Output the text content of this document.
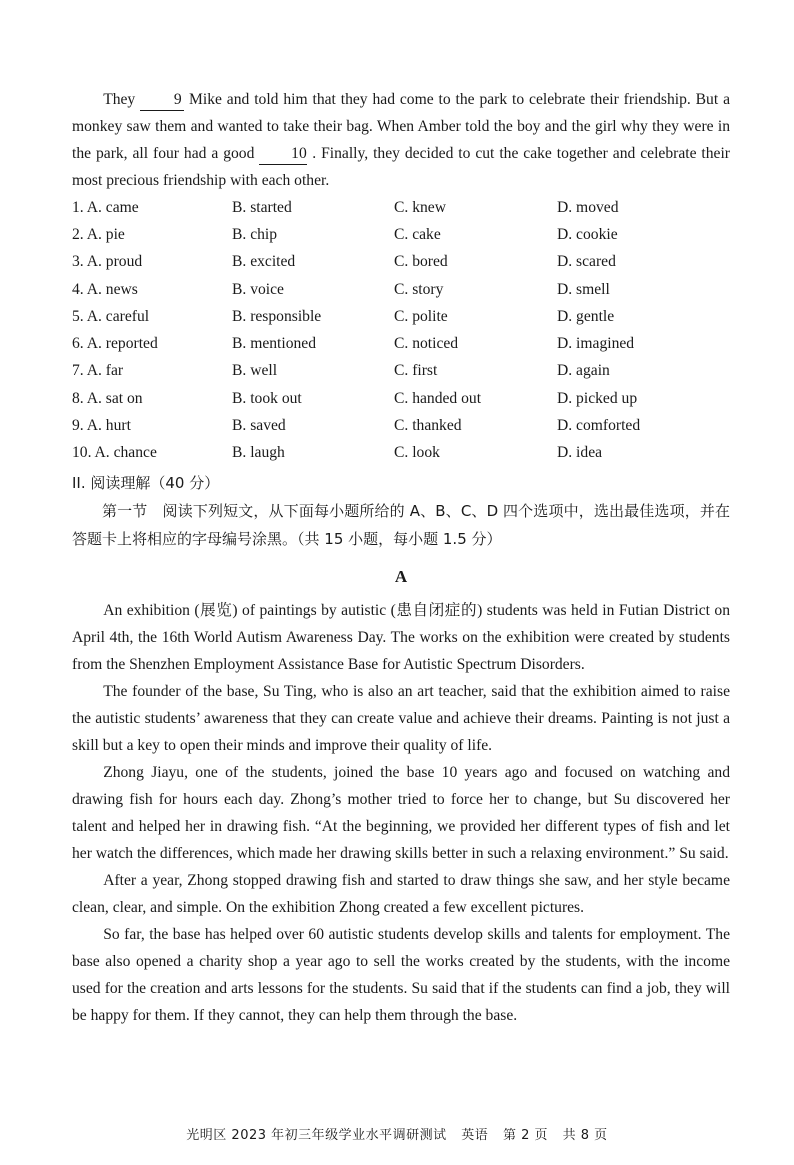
They 9 Mike and told him that they had come to the park to celebrate their friendship. But a monkey saw them and wanted to take their bag. When Amber told the boy and the girl why they were in the park, all four had a good 10 . Finally, they decided to cut the cake together and celebrate their most precious friendship with each other.

1. A. came	B. started	C. knew	D. moved
2. A. pie	B. chip	C. cake	D. cookie
3. A. proud	B. excited	C. bored	D. scared
4. A. news	B. voice	C. story	D. smell
5. A. careful	B. responsible	C. polite	D. gentle
6. A. reported	B. mentioned	C. noticed	D. imagined
7. A. far	B. well	C. first	D. again
8. A. sat on	B. took out	C. handed out	D. picked up
9. A. hurt	B. saved	C. thanked	D. comforted
10. A. chance	B. laugh	C. look	D. idea
II. 阅读理解（40 分）

第一节　阅读下列短文，从下面每小题所给的 A、B、C、D 四个选项中，选出最佳选项，并在答题卡上将相应的字母编号涂黑。（共 15 小题，每小题 1.5 分）

A

An exhibition (展览) of paintings by autistic (患自闭症的) students was held in Futian District on April 4th, the 16th World Autism Awareness Day. The works on the exhibition were created by students from the Shenzhen Employment Assistance Base for Autistic Spectrum Disorders.

The founder of the base, Su Ting, who is also an art teacher, said that the exhibition aimed to raise the autistic students’ awareness that they can create value and achieve their dreams. Painting is not just a skill but a key to open their minds and improve their quality of life.

Zhong Jiayu, one of the students, joined the base 10 years ago and focused on watching and drawing fish for hours each day. Zhong’s mother tried to force her to change, but Su discovered her talent and helped her in drawing fish. “At the beginning, we provided her different types of fish and let her watch the differences, which made her drawing skills better in such a relaxing environment.” Su said.

After a year, Zhong stopped drawing fish and started to draw things she saw, and her style became clean, clear, and simple. On the exhibition Zhong created a few excellent pictures.

So far, the base has helped over 60 autistic students develop skills and talents for employment. The base also opened a charity shop a year ago to sell the works created by the students, with the income used for the creation and arts lessons for the students. Su said that if the students can find a job, they will be happy for them. If they cannot, they can help them through the base.

光明区 2023 年初三年级学业水平调研测试 英语 第 2 页 共 8 页
